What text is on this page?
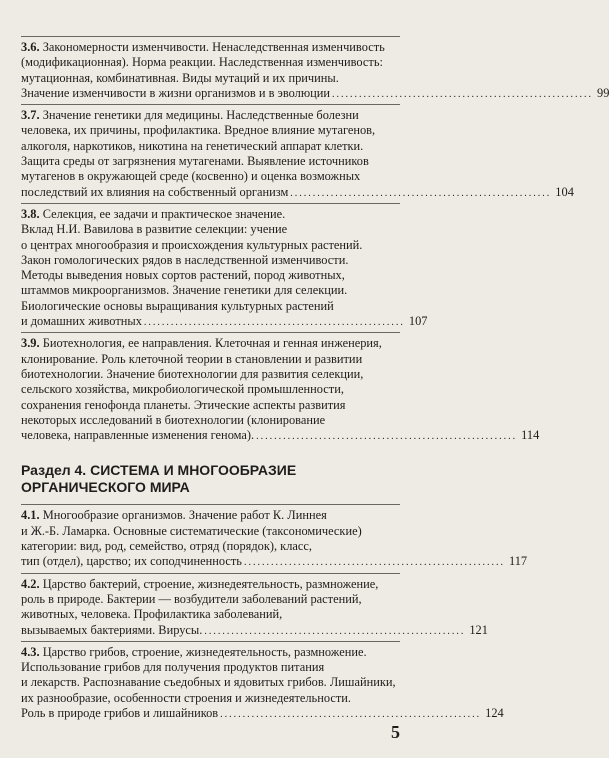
3.6. Закономерности изменчивости. Ненаследственная изменчивость
(модификационная). Норма реакции. Наследственная изменчивость:
мутационная, комбинативная. Виды мутаций и их причины.
Значение изменчивости в жизни организмов и в эволюции .......................................................... 99
3.7. Значение генетики для медицины. Наследственные болезни
человека, их причины, профилактика. Вредное влияние мутагенов,
алкоголя, наркотиков, никотина на генетический аппарат клетки.
Защита среды от загрязнения мутагенами. Выявление источников
мутагенов в окружающей среде (косвенно) и оценка возможных
последствий их влияния на собственный организм .......................................................... 104
3.8. Селекция, ее задачи и практическое значение.
Вклад Н.И. Вавилова в развитие селекции: учение
о центрах многообразия и происхождения культурных растений.
Закон гомологических рядов в наследственной изменчивости.
Методы выведения новых сортов растений, пород животных,
штаммов микроорганизмов. Значение генетики для селекции.
Биологические основы выращивания культурных растений
и домашних животных .......................................................... 107
3.9. Биотехнология, ее направления. Клеточная и генная инженерия,
клонирование. Роль клеточной теории в становлении и развитии
биотехнологии. Значение биотехнологии для развития селекции,
сельского хозяйства, микробиологической промышленности,
сохранения генофонда планеты. Этические аспекты развития
некоторых исследований в биотехнологии (клонирование
человека, направленные изменения генома). .......................................................... 114
Раздел 4. СИСТЕМА И МНОГООБРАЗИЕ
ОРГАНИЧЕСКОГО МИРА
4.1. Многообразие организмов. Значение работ К. Линнея
и Ж.-Б. Ламарка. Основные систематические (таксономические)
категории: вид, род, семейство, отряд (порядок), класс,
тип (отдел), царство; их соподчиненность .......................................................... 117
4.2. Царство бактерий, строение, жизнедеятельность, размножение,
роль в природе. Бактерии — возбудители заболеваний растений,
животных, человека. Профилактика заболеваний,
вызываемых бактериями. Вирусы. .......................................................... 121
4.3. Царство грибов, строение, жизнедеятельность, размножение.
Использование грибов для получения продуктов питания
и лекарств. Распознавание съедобных и ядовитых грибов. Лишайники,
их разнообразие, особенности строения и жизнедеятельности.
Роль в природе грибов и лишайников .......................................................... 124
5
